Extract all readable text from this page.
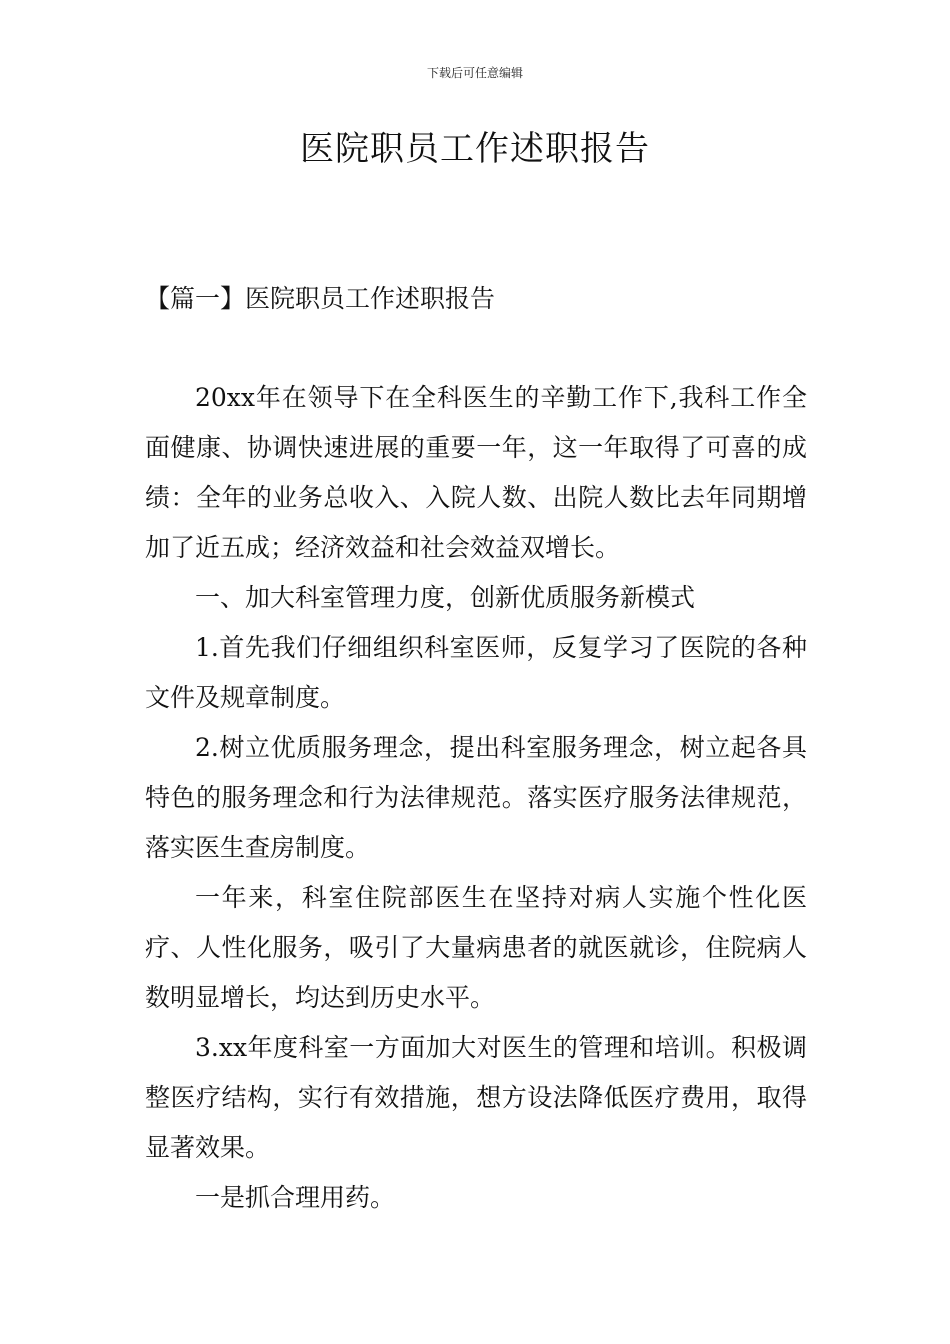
下载后可任意编辑
医院职员工作述职报告
【篇一】医院职员工作述职报告

20xx年在领导下在全科医生的辛勤工作下,我科工作全面健康、协调快速进展的重要一年，这一年取得了可喜的成绩：全年的业务总收入、入院人数、出院人数比去年同期增加了近五成；经济效益和社会效益双增长。

一、加大科室管理力度，创新优质服务新模式

1.首先我们仔细组织科室医师，反复学习了医院的各种文件及规章制度。

2.树立优质服务理念，提出科室服务理念，树立起各具特色的服务理念和行为法律规范。落实医疗服务法律规范，落实医生查房制度。

一年来，科室住院部医生在坚持对病人实施个性化医疗、人性化服务，吸引了大量病患者的就医就诊，住院病人数明显增长，均达到历史水平。

3.xx年度科室一方面加大对医生的管理和培训。积极调整医疗结构，实行有效措施，想方设法降低医疗费用，取得显著效果。

一是抓合理用药。
